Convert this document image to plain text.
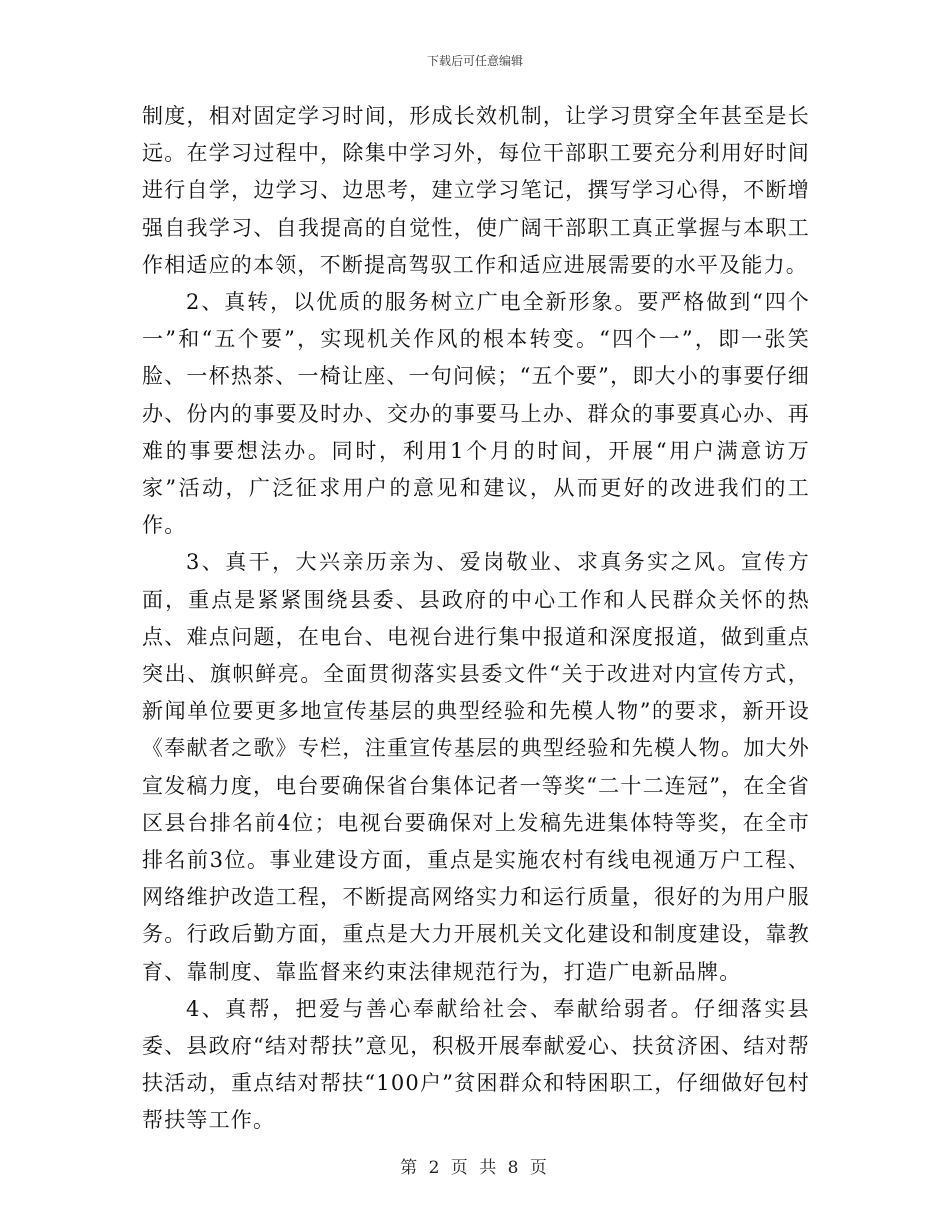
下载后可任意编辑

制度，相对固定学习时间，形成长效机制，让学习贯穿全年甚至是长远。在学习过程中，除集中学习外，每位干部职工要充分利用好时间进行自学，边学习、边思考，建立学习笔记，撰写学习心得，不断增强自我学习、自我提高的自觉性，使广阔干部职工真正掌握与本职工作相适应的本领，不断提高驾驭工作和适应进展需要的水平及能力。

2、真转，以优质的服务树立广电全新形象。要严格做到“四个一”和“五个要”，实现机关作风的根本转变。“四个一”，即一张笑脸、一杯热茶、一椅让座、一句问候；“五个要”，即大小的事要仔细办、份内的事要及时办、交办的事要马上办、群众的事要真心办、再难的事要想法办。同时，利用1个月的时间，开展“用户满意访万家”活动，广泛征求用户的意见和建议，从而更好的改进我们的工作。

3、真干，大兴亲历亲为、爱岗敬业、求真务实之风。宣传方面，重点是紧紧围绕县委、县政府的中心工作和人民群众关怀的热点、难点问题，在电台、电视台进行集中报道和深度报道，做到重点突出、旗帜鲜亮。全面贯彻落实县委文件“关于改进对内宣传方式，新闻单位要更多地宣传基层的典型经验和先模人物”的要求，新开设《奉献者之歌》专栏，注重宣传基层的典型经验和先模人物。加大外宣发稿力度，电台要确保省台集体记者一等奖“二十二连冠”，在全省区县台排名前4位；电视台要确保对上发稿先进集体特等奖，在全市排名前3位。事业建设方面，重点是实施农村有线电视通万户工程、网络维护改造工程，不断提高网络实力和运行质量，很好的为用户服务。行政后勤方面，重点是大力开展机关文化建设和制度建设，靠教育、靠制度、靠监督来约束法律规范行为，打造广电新品牌。

4、真帮，把爱与善心奉献给社会、奉献给弱者。仔细落实县委、县政府“结对帮扶”意见，积极开展奉献爱心、扶贫济困、结对帮扶活动，重点结对帮扶“100户”贫困群众和特困职工，仔细做好包村帮扶等工作。

第 2 页 共 8 页
